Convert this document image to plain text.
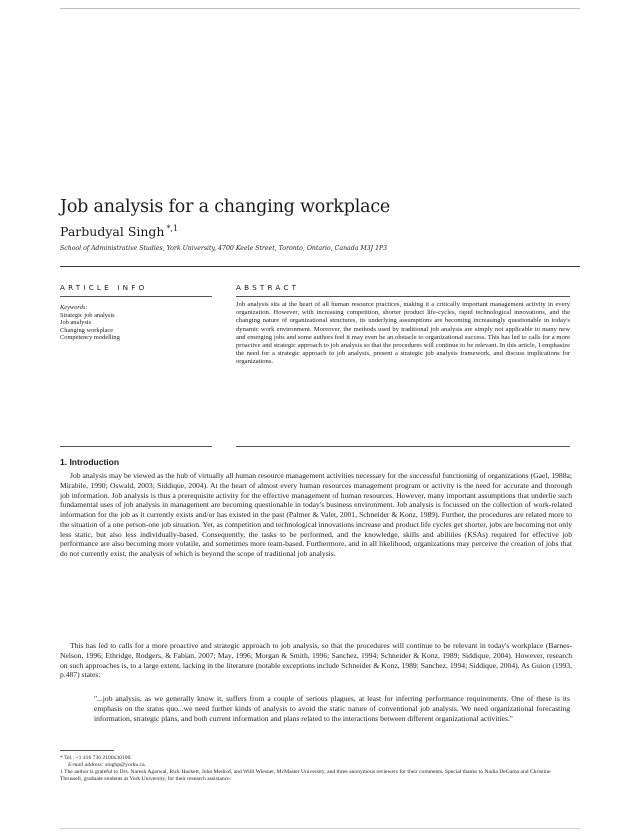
Job analysis for a changing workplace
Parbudyal Singh $^{*,1}$
School of Administrative Studies, York University, 4700 Keele Street, Toronto, Ontario, Canada M3J 1P3
ARTICLE INFO	ABSTRACT
Keywords:
Strategic job analysis
Job analysis
Changing workplace
Competency modelling
Job analysis sits at the heart of all human resource practices, making it a critically important management activity in every organization. However, with increasing competition, shorter product life-cycles, rapid technological innovations, and the changing nature of organizational structures, its underlying assumptions are becoming increasingly questionable in today's dynamic work environment. Moreover, the methods used by traditional job analysis are simply not applicable to many new and emerging jobs and some authors feel it may even be an obstacle to organizational success. This has led to calls for a more proactive and strategic approach to job analysis so that the procedures will continue to be relevant. In this article, I emphasize the need for a strategic approach to job analysis, present a strategic job analysis framework, and discuss implications for organizations.
1. Introduction

Job analysis may be viewed as the hub of virtually all human resource management activities necessary for the successful functioning of organizations (Gael, 1988a; Mirabile, 1990; Oswald, 2003; Siddique, 2004). At the heart of almost every human resources management program or activity is the need for accurate and thorough job information. Job analysis is thus a prerequisite activity for the effective management of human resources. However, many important assumptions that underlie such fundamental uses of job analysis in management are becoming questionable in today's business environment. Job analysis is focussed on the collection of work-related information for the job as it currently exists and/or has existed in the past (Palmer & Valet, 2001, Schneider & Konz, 1989). Further, the procedures are related more to the situation of a one person-one job situation. Yet, as competition and technological innovations increase and product life cycles get shorter, jobs are becoming not only less static, but also less individually-based. Consequently, the tasks to be performed, and the knowledge, skills and abilities (KSAs) required for effective job performance are also becoming more volatile, and sometimes more team-based. Furthermore, and in all likelihood, organizations may perceive the creation of jobs that do not currently exist, the analysis of which is beyond the scope of traditional job analysis.

This has led to calls for a more proactive and strategic approach to job analysis, so that the procedures will continue to be relevant in today's workplace (Barnes-Nelson, 1996; Ethridge, Rodgers, & Fabian, 2007; May, 1996; Morgan & Smith, 1996; Sanchez, 1994; Schneider & Konz, 1989; Siddique, 2004). However, research on such approaches is, to a large extent, lacking in the literature (notable exceptions include Schneider & Konz, 1989; Sanchez, 1994; Siddique, 2004). As Guion (1993, p.487) states:

"...job analysis, as we generally know it, suffers from a couple of serious plagues, at least for inferring performance requirements. One of these is its emphasis on the status quo...we need further kinds of analysis to avoid the static nature of conventional job analysis. We need organizational forecasting information, strategic plans, and both current information and plans related to the interactions between different organizational activities."

* Tel.: +1 416 736 2100x30100.
E-mail address: singhp@yorku.ca.
1 The author is grateful to Drs. Naresh Agarwal, Rick Hackett, John Medcof, and Willi Wiesner, McMaster University, and three anonymous reviewers for their comments. Special thanks to Nadia DeGama and Christine Thrussell, graduate students at York University, for their research assistance.
